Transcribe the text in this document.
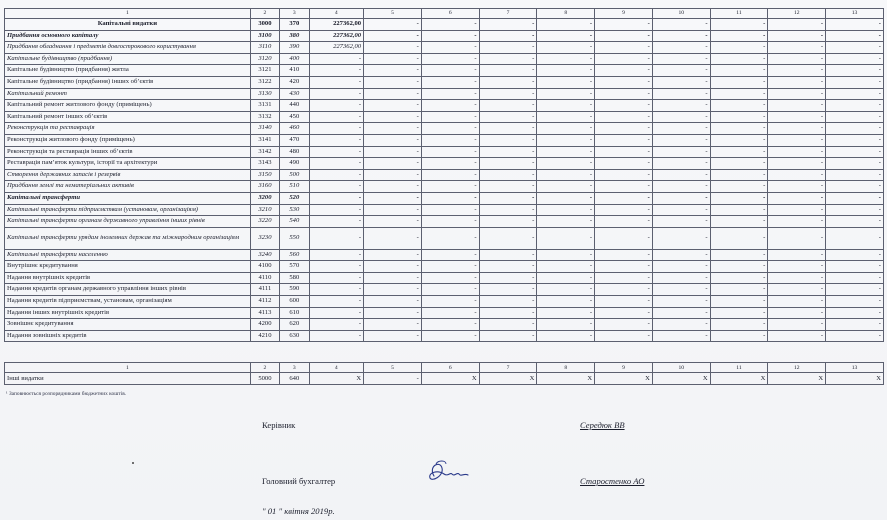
1	2	3	4	5	6	7	8	9	10	11	12	13
Капітальні видатки	3000	370	227362,00	-	-	-	-	-	-	-	-	-
Придбання основного капіталу	3100	380	227362,00	-	-	-	-	-	-	-	-	-
Придбання обладнання і предметів довгострокового користування	3110	390	227362,00	-	-	-	-	-	-	-	-	-
Капітальне будівництво (придбання)	3120	400	-	-	-	-	-	-	-	-	-	-
Капітальне будівництво (придбання) житла	3121	410	-	-	-	-	-	-	-	-	-	-
Капітальне будівництво (придбання) інших об’єктів	3122	420	-	-	-	-	-	-	-	-	-	-
Капітальний ремонт	3130	430	-	-	-	-	-	-	-	-	-	-
Капітальний ремонт житлового фонду (приміщень)	3131	440	-	-	-	-	-	-	-	-	-	-
Капітальний ремонт інших об’єктів	3132	450	-	-	-	-	-	-	-	-	-	-
Реконструкція та реставрація	3140	460	-	-	-	-	-	-	-	-	-	-
Реконструкція житлового фонду (приміщень)	3141	470	-	-	-	-	-	-	-	-	-	-
Реконструкція та реставрація інших об’єктів	3142	480	-	-	-	-	-	-	-	-	-	-
Реставрація пам’яток культури, історії та архітектури	3143	490	-	-	-	-	-	-	-	-	-	-
Створення державних запасів і резервів	3150	500	-	-	-	-	-	-	-	-	-	-
Придбання землі та нематеріальних активів	3160	510	-	-	-	-	-	-	-	-	-	-
Капітальні трансферти	3200	520	-	-	-	-	-	-	-	-	-	-
Капітальні трансферти підприємствам (установам, організаціям)	3210	530	-	-	-	-	-	-	-	-	-	-
Капітальні трансферти органам державного управління інших рівнів	3220	540	-	-	-	-	-	-	-	-	-	-
Капітальні трансферти урядам іноземних держав та міжнародним організаціям	3230	550	-	-	-	-	-	-	-	-	-	-
Капітальні трансферти населенню	3240	560	-	-	-	-	-	-	-	-	-	-
Внутрішнє кредитування	4100	570	-	-	-	-	-	-	-	-	-	-
Надання внутрішніх кредитів	4110	580	-	-	-	-	-	-	-	-	-	-
Надання кредитів органам державного управління інших рівнів	4111	590	-	-	-	-	-	-	-	-	-	-
Надання кредитів підприємствам, установам, організаціям	4112	600	-	-	-	-	-	-	-	-	-	-
Надання інших внутрішніх кредитів	4113	610	-	-	-	-	-	-	-	-	-	-
Зовнішнє кредитування	4200	620	-	-	-	-	-	-	-	-	-	-
Надання зовнішніх кредитів	4210	630	-	-	-	-	-	-	-	-	-	-
1	2	3	4	5	6	7	8	9	10	11	12	13
Інші видатки	5000	640	X	-	X	X	X	X	X	X	X	X
¹ Заповнюється розпорядниками бюджетних коштів.
Керівник	Середюк ВВ
Головний бухгалтер	Старостенко АО
" 01 " квітня 2019р.
